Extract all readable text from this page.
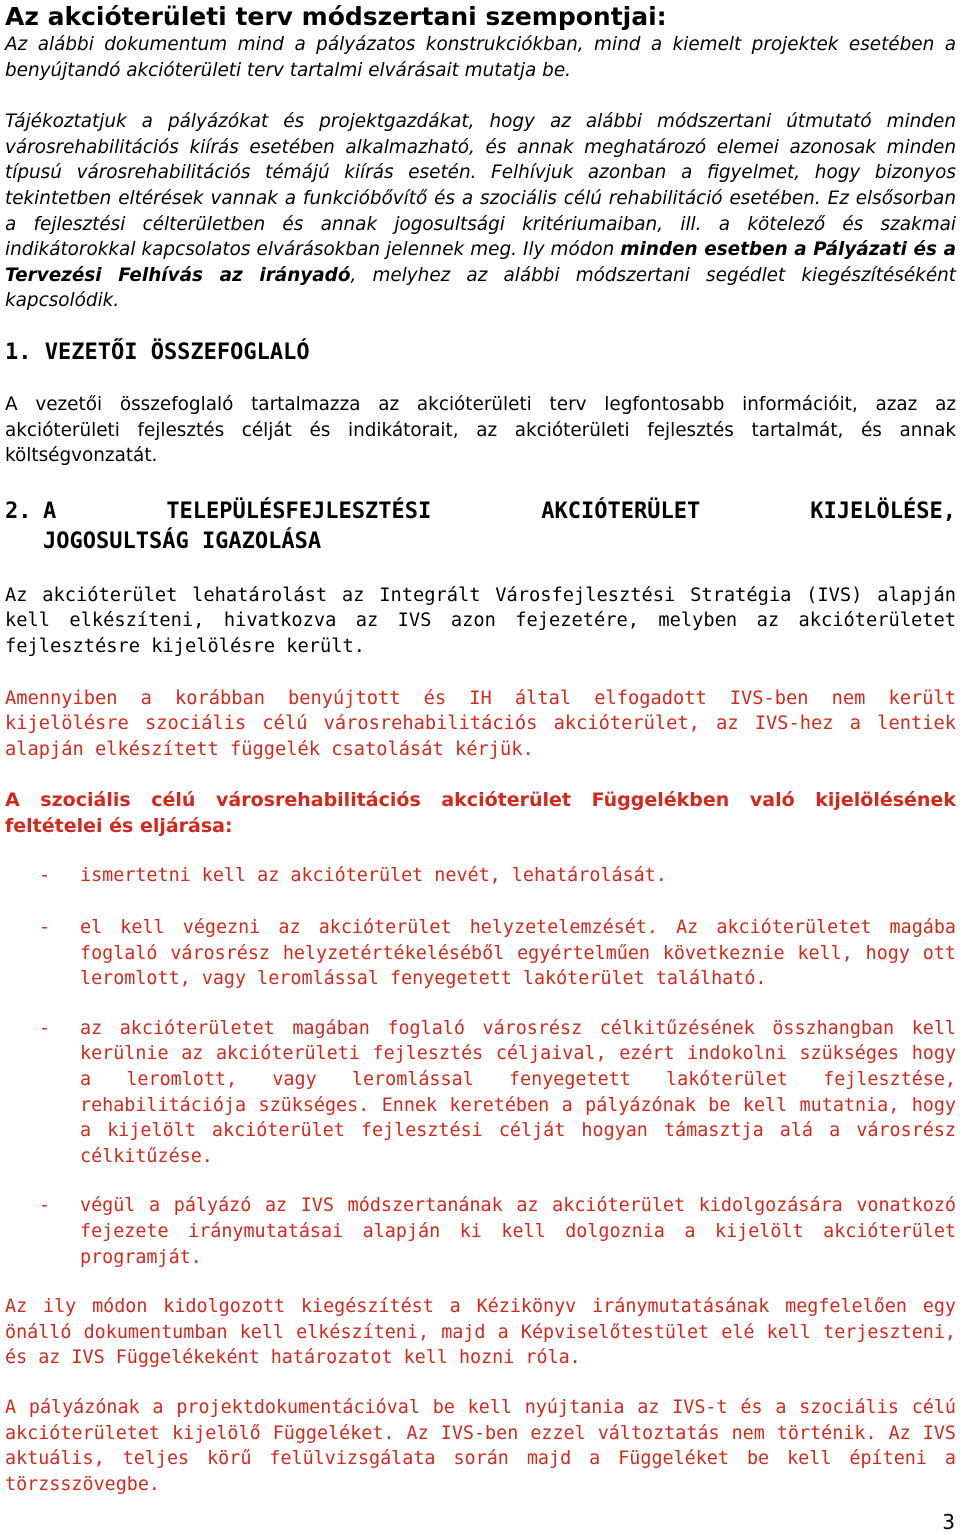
Az akcióterületi terv módszertani szempontjai:

Az alábbi dokumentum mind a pályázatos konstrukciókban, mind a kiemelt projektek esetében a benyújtandó akcióterületi terv tartalmi elvárásait mutatja be.

Tájékoztatjuk a pályázókat és projektgazdákat, hogy az alábbi módszertani útmutató minden városrehabilitációs kiírás esetében alkalmazható, és annak meghatározó elemei azonosak minden típusú városrehabilitációs témájú kiírás esetén. Felhívjuk azonban a figyelmet, hogy bizonyos tekintetben eltérések vannak a funkcióbővítő és a szociális célú rehabilitáció esetében. Ez elsősorban a fejlesztési célterületben és annak jogosultsági kritériumaiban, ill. a kötelező és szakmai indikátorokkal kapcsolatos elvárásokban jelennek meg. Ily módon minden esetben a Pályázati és a Tervezési Felhívás az irányadó, melyhez az alábbi módszertani segédlet kiegészítéséként kapcsolódik.

1. VEZETŐI ÖSSZEFOGLALÓ

A vezetői összefoglaló tartalmazza az akcióterületi terv legfontosabb információit, azaz az akcióterületi fejlesztés célját és indikátorait, az akcióterületi fejlesztés tartalmát, és annak költségvonzatát.

2. A	TELEPÜLÉSFEJLESZTÉSI	AKCIÓTERÜLET	KIJELÖLÉSE,
JOGOSULTSÁG IGAZOLÁSA

Az akcióterület lehatárolást az Integrált Városfejlesztési Stratégia (IVS) alapján kell elkészíteni, hivatkozva az IVS azon fejezetére, melyben az akcióterületet fejlesztésre kijelölésre került.

Amennyiben a korábban benyújtott és IH által elfogadott IVS-ben nem került kijelölésre szociális célú városrehabilitációs akcióterület, az IVS-hez a lentiek alapján elkészített függelék csatolását kérjük.

A szociális célú városrehabilitációs akcióterület Függelékben való kijelölésének feltételei és eljárása:

-	ismertetni kell az akcióterület nevét, lehatárolását.
-	el kell végezni az akcióterület helyzetelemzését. Az akcióterületet magába foglaló városrész helyzetértékeléséből egyértelműen következnie kell, hogy ott leromlott, vagy leromlással fenyegetett lakóterület található.
-	az akcióterületet magában foglaló városrész célkitűzésének összhangban kell kerülnie az akcióterületi fejlesztés céljaival, ezért indokolni szükséges hogy a leromlott, vagy leromlással fenyegetett lakóterület fejlesztése, rehabilitációja szükséges. Ennek keretében a pályázónak be kell mutatnia, hogy a kijelölt akcióterület fejlesztési célját hogyan támasztja alá a városrész célkitűzése.
-	végül a pályázó az IVS módszertanának az akcióterület kidolgozására vonatkozó fejezete iránymutatásai alapján ki kell dolgoznia a kijelölt akcióterület programját.

Az ily módon kidolgozott kiegészítést a Kézikönyv iránymutatásának megfelelően egy önálló dokumentumban kell elkészíteni, majd a Képviselőtestület elé kell terjeszteni, és az IVS Függelékeként határozatot kell hozni róla.

A pályázónak a projektdokumentációval be kell nyújtania az IVS-t és a szociális célú akcióterületet kijelölő Függeléket. Az IVS-ben ezzel változtatás nem történik. Az IVS aktuális, teljes körű felülvizsgálata során majd a Függeléket be kell építeni a törzsszövegbe.

3
